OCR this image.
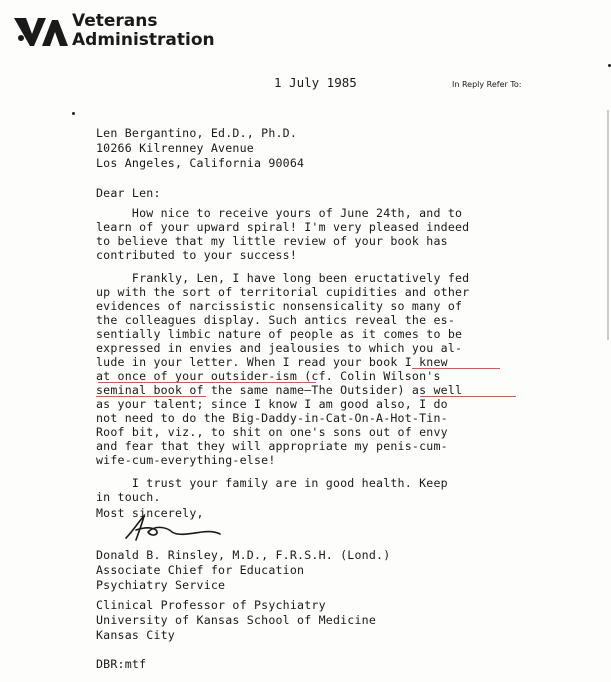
Veterans
Administration
1 July 1985	In Reply Refer To:
Len Bergantino, Ed.D., Ph.D.
10266 Kilrenney Avenue
Los Angeles, California 90064
Dear Len:
How nice to receive yours of June 24th, and to
learn of your upward spiral! I'm very pleased indeed
to believe that my little review of your book has
contributed to your success!
Frankly, Len, I have long been eructatively fed
up with the sort of territorial cupidities and other
evidences of narcissistic nonsensicality so many of
the colleagues display. Such antics reveal the es-
sentially limbic nature of people as it comes to be
expressed in envies and jealousies to which you al-
lude in your letter. When I read your book I knew
at once of your outsider-ism (cf. Colin Wilson's
seminal book of the same name—The Outsider) as well
as your talent; since I know I am good also, I do
not need to do the Big-Daddy-in-Cat-On-A-Hot-Tin-
Roof bit, viz., to shit on one's sons out of envy
and fear that they will appropriate my penis-cum-
wife-cum-everything-else!
I trust your family are in good health. Keep
in touch.
Most sincerely,
Donald B. Rinsley, M.D., F.R.S.H. (Lond.)
Associate Chief for Education
Psychiatry Service
Clinical Professor of Psychiatry
University of Kansas School of Medicine
Kansas City
DBR:mtf
